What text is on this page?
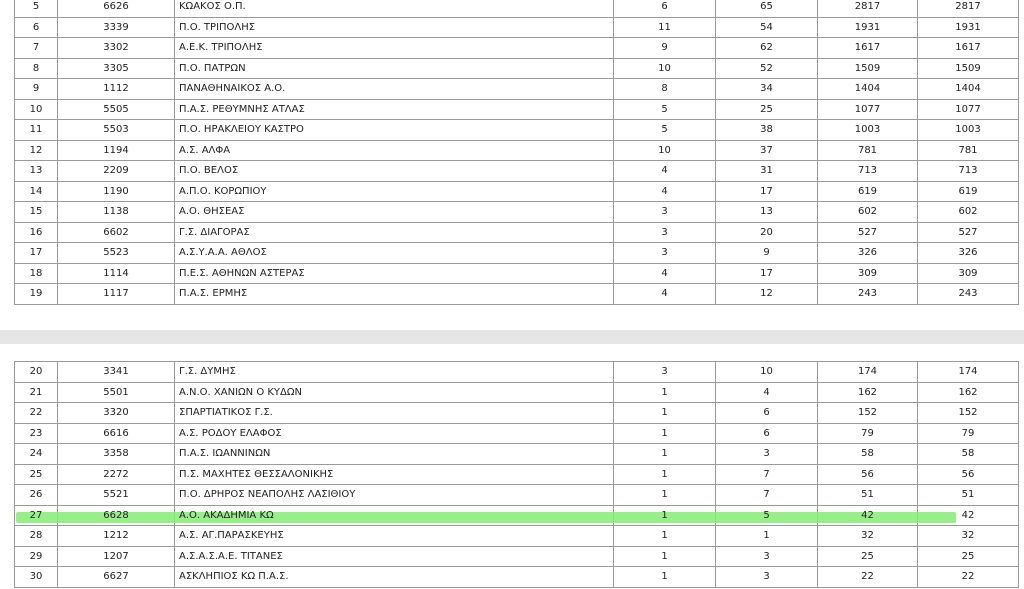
5	6626	ΚΩΑΚΟΣ Ο.Π.	6	65	2817	2817
6	3339	Π.Ο. ΤΡΙΠΟΛΗΣ	11	54	1931	1931
7	3302	Α.Ε.Κ. ΤΡΙΠΟΛΗΣ	9	62	1617	1617
8	3305	Π.Ο. ΠΑΤΡΩΝ	10	52	1509	1509
9	1112	ΠΑΝΑΘΗΝΑΙΚΟΣ Α.Ο.	8	34	1404	1404
10	5505	Π.Α.Σ. ΡΕΘΥΜΝΗΣ ΑΤΛΑΣ	5	25	1077	1077
11	5503	Π.Ο. ΗΡΑΚΛΕΙΟΥ ΚΑΣΤΡΟ	5	38	1003	1003
12	1194	Α.Σ. ΑΛΦΑ	10	37	781	781
13	2209	Π.Ο. ΒΕΛΟΣ	4	31	713	713
14	1190	Α.Π.Ο. ΚΟΡΩΠΙΟΥ	4	17	619	619
15	1138	Α.Ο. ΘΗΣΕΑΣ	3	13	602	602
16	6602	Γ.Σ. ΔΙΑΓΟΡΑΣ	3	20	527	527
17	5523	Α.Σ.Υ.Α.Α. ΑΘΛΟΣ	3	9	326	326
18	1114	Π.Ε.Σ. ΑΘΗΝΩΝ ΑΣΤΕΡΑΣ	4	17	309	309
19	1117	Π.Α.Σ. ΕΡΜΗΣ	4	12	243	243
20	3341	Γ.Σ. ΔΥΜΗΣ	3	10	174	174
21	5501	Α.Ν.Ο. ΧΑΝΙΩΝ Ο ΚΥΔΩΝ	1	4	162	162
22	3320	ΣΠΑΡΤΙΑΤΙΚΟΣ Γ.Σ.	1	6	152	152
23	6616	Α.Σ. ΡΟΔΟΥ ΕΛΑΦΟΣ	1	6	79	79
24	3358	Π.Α.Σ. ΙΩΑΝΝΙΝΩΝ	1	3	58	58
25	2272	Π.Σ. ΜΑΧΗΤΕΣ ΘΕΣΣΑΛΟΝΙΚΗΣ	1	7	56	56
26	5521	Π.Ο. ΔΡΗΡΟΣ ΝΕΑΠΟΛΗΣ ΛΑΣΙΘΙΟΥ	1	7	51	51
27	6628	Α.Ο. ΑΚΑΔΗΜΙΑ ΚΩ	1	5	42	42
28	1212	Α.Σ. ΑΓ.ΠΑΡΑΣΚΕΥΗΣ	1	1	32	32
29	1207	Α.Σ.Α.Σ.Α.Ε. ΤΙΤΑΝΕΣ	1	3	25	25
30	6627	ΑΣΚΛΗΠΙΟΣ ΚΩ Π.Α.Σ.	1	3	22	22
